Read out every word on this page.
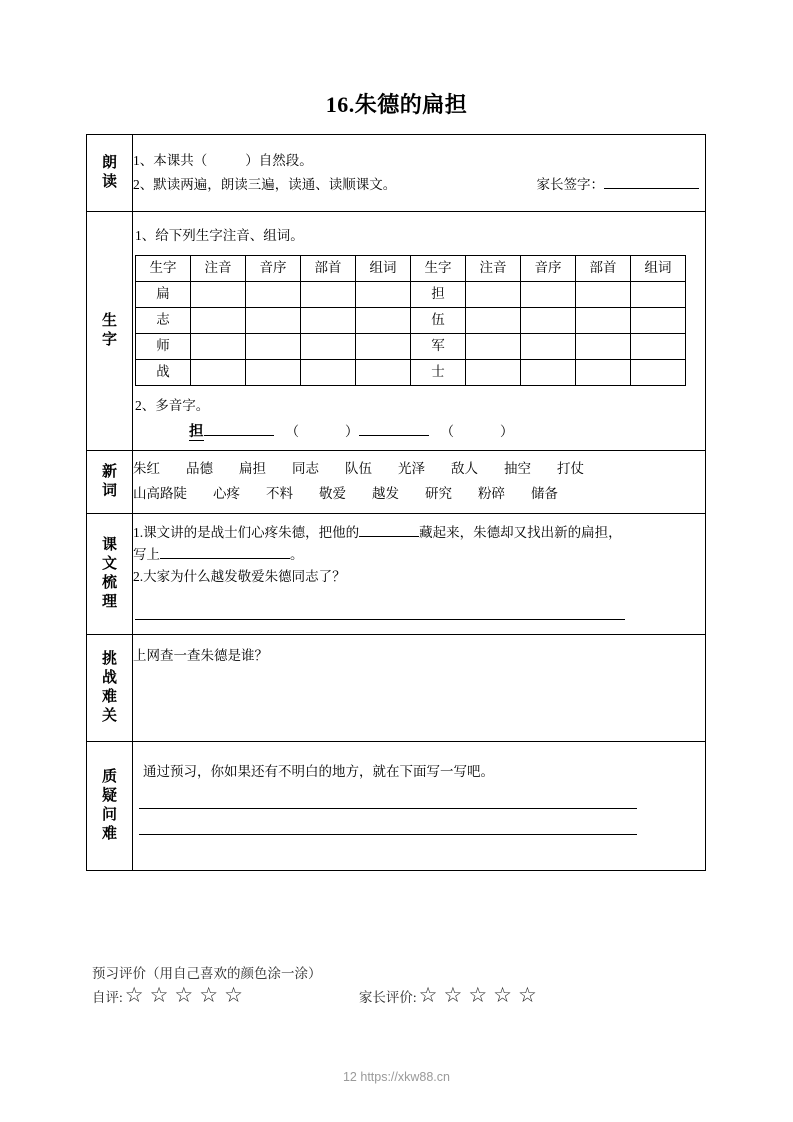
16.朱德的扁担
朗
读

1、本课共（	）自然段。
2、默读两遍，朗读三遍，读通、读顺课文。	家长签字：

生
字

1、给下列生字注音、组词。
生字	注音	音序	部首	组词	生字	注音	音序	部首	组词
扁					担				
志					伍				
师					军				
战					士				
2、多音字。
担	（	）	（	）

新
词

朱红 品德 扁担 同志 队伍 光泽 敌人 抽空 打仗
山高路陡 心疼 不料 敬爱 越发 研究 粉碎 储备

课
文
梳
理

1.课文讲的是战士们心疼朱德，把他的	藏起来，朱德却又找出新的扁担，
写上	。
2.大家为什么越发敬爱朱德同志了？

挑
战
难
关

上网查一查朱德是谁？

质
疑
问
难

通过预习，你如果还有不明白的地方，就在下面写一写吧。
预习评价（用自己喜欢的颜色涂一涂）
自评: ☆ ☆ ☆ ☆ ☆	家长评价: ☆ ☆ ☆ ☆ ☆
12 https://xkw88.cn
